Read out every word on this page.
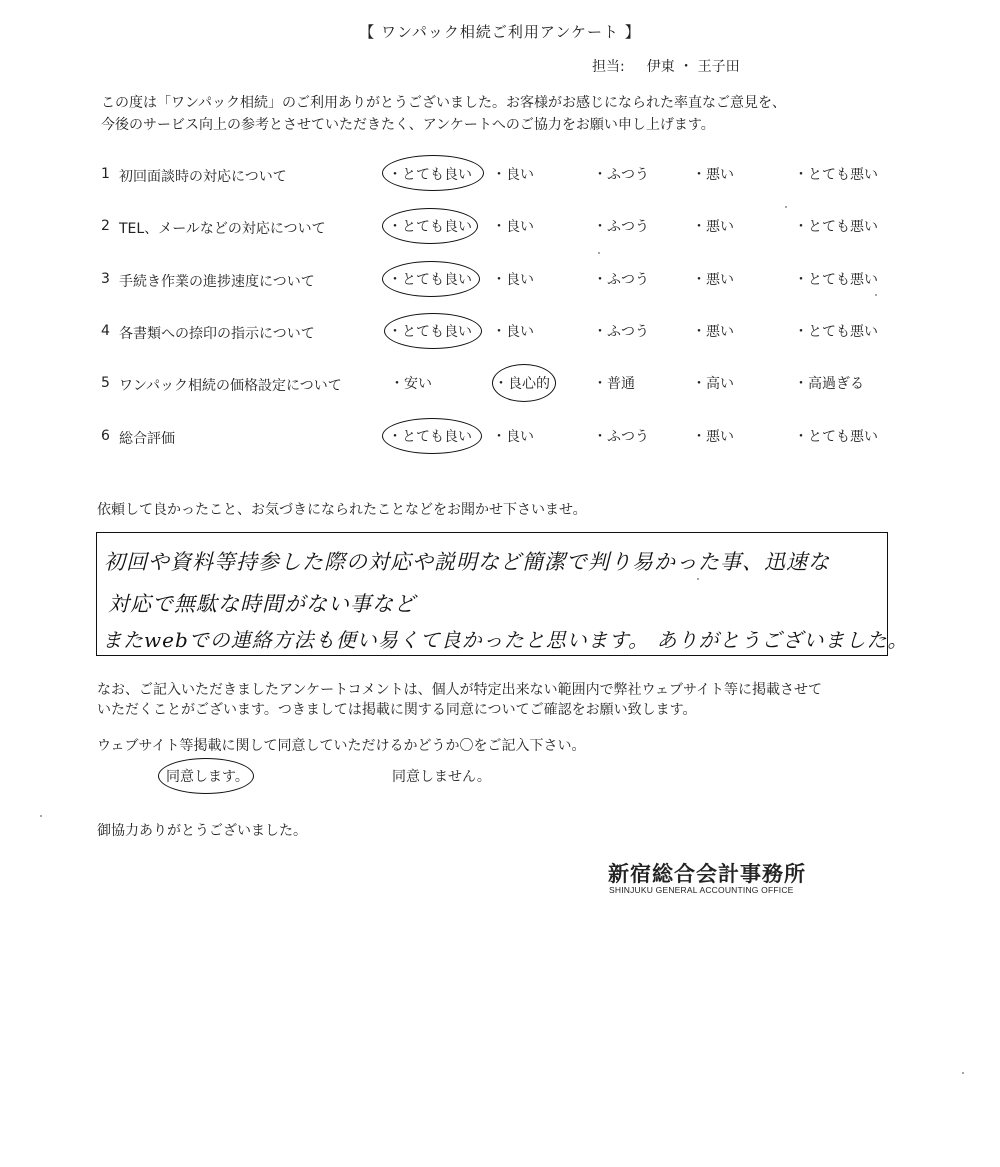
【 ワンパック相続ご利用アンケート 】
担当: 伊東 ・ 王子田
この度は「ワンパック相続」のご利用ありがとうございました。お客様がお感じになられた率直なご意見を、
今後のサービス向上の参考とさせていただきたく、アンケートへのご協力をお願い申し上げます。
1 初回面談時の対応について	・とても良い ・良い	・ふつう	・悪い	・とても悪い
2 TEL、メールなどの対応について	・とても良い ・良い	・ふつう	・悪い	・とても悪い
3 手続き作業の進捗速度について	・とても良い ・良い	・ふつう	・悪い	・とても悪い
4 各書類への捺印の指示について	・とても良い ・良い	・ふつう	・悪い	・とても悪い
5 ワンパック相続の価格設定について	・安い	・良心的	・普通	・高い	・高過ぎる
6 総合評価	・とても良い ・良い	・ふつう	・悪い	・とても悪い
依頼して良かったこと、お気づきになられたことなどをお聞かせ下さいませ。
初回や資料等持参した際の対応や説明など簡潔で判り易かった事、迅速な
対応で無駄な時間がない事など
またwebでの連絡方法も便い易くて良かったと思います。 ありがとうございました。
なお、ご記入いただきましたアンケートコメントは、個人が特定出来ない範囲内で弊社ウェブサイト等に掲載させて
いただくことがございます。つきましては掲載に関する同意についてご確認をお願い致します。
ウェブサイト等掲載に関して同意していただけるかどうか〇をご記入下さい。
同意します。	同意しません。
御協力ありがとうございました。
新宿総合会計事務所
SHINJUKU GENERAL ACCOUNTING OFFICE
